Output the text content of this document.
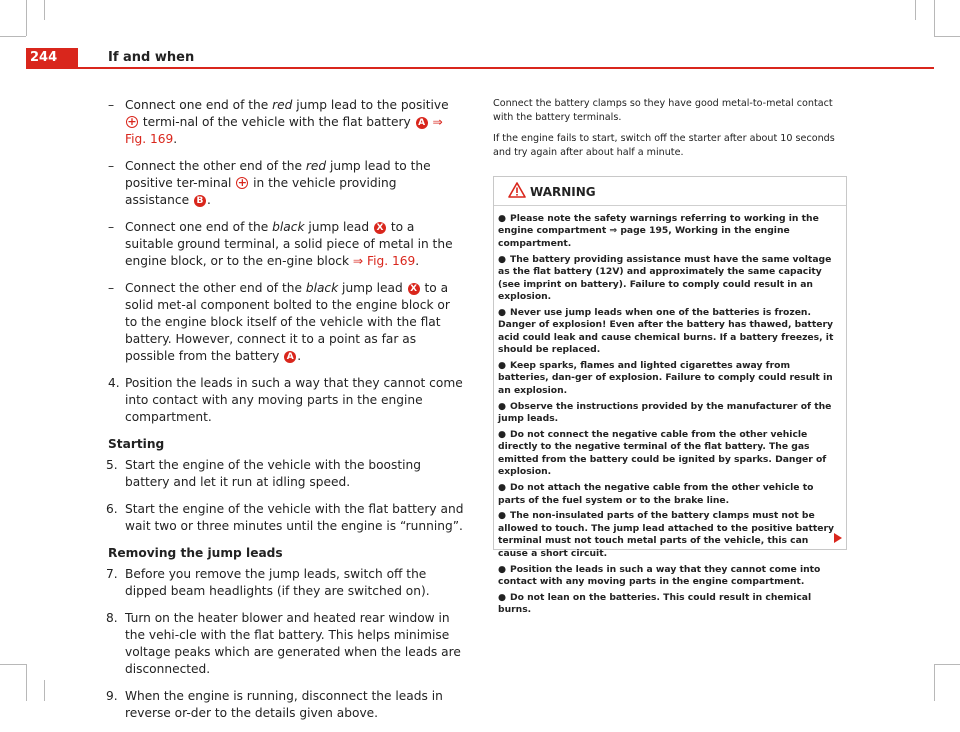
244	If and when
– Connect one end of the red jump lead to the positive + termi-nal of the vehicle with the flat battery A ⇒ Fig. 169.
– Connect the other end of the red jump lead to the positive ter-minal + in the vehicle providing assistance B .
– Connect one end of the black jump lead X to a suitable ground terminal, a solid piece of metal in the engine block, or to the en-gine block ⇒ Fig. 169.
– Connect the other end of the black jump lead X to a solid met-al component bolted to the engine block or to the engine block itself of the vehicle with the flat battery. However, connect it to a point as far as possible from the battery A .
4. Position the leads in such a way that they cannot come into contact with any moving parts in the engine compartment.
Starting
5. Start the engine of the vehicle with the boosting battery and let it run at idling speed.
6. Start the engine of the vehicle with the flat battery and wait two or three minutes until the engine is “running”.
Removing the jump leads
7. Before you remove the jump leads, switch off the dipped beam headlights (if they are switched on).
8. Turn on the heater blower and heated rear window in the vehi-cle with the flat battery. This helps minimise voltage peaks which are generated when the leads are disconnected.
9. When the engine is running, disconnect the leads in reverse or-der to the details given above.

Connect the battery clamps so they have good metal-to-metal contact with the battery terminals.

If the engine fails to start, switch off the starter after about 10 seconds and try again after about half a minute.

WARNING
● Please note the safety warnings referring to working in the engine compartment ⇒ page 195, Working in the engine compartment.
● The battery providing assistance must have the same voltage as the flat battery (12V) and approximately the same capacity (see imprint on battery). Failure to comply could result in an explosion.
● Never use jump leads when one of the batteries is frozen. Danger of explosion! Even after the battery has thawed, battery acid could leak and cause chemical burns. If a battery freezes, it should be replaced.
● Keep sparks, flames and lighted cigarettes away from batteries, dan-ger of explosion. Failure to comply could result in an explosion.
● Observe the instructions provided by the manufacturer of the jump leads.
● Do not connect the negative cable from the other vehicle directly to the negative terminal of the flat battery. The gas emitted from the battery could be ignited by sparks. Danger of explosion.
● Do not attach the negative cable from the other vehicle to parts of the fuel system or to the brake line.
● The non-insulated parts of the battery clamps must not be allowed to touch. The jump lead attached to the positive battery terminal must not touch metal parts of the vehicle, this can cause a short circuit.
● Position the leads in such a way that they cannot come into contact with any moving parts in the engine compartment.
● Do not lean on the batteries. This could result in chemical burns.
